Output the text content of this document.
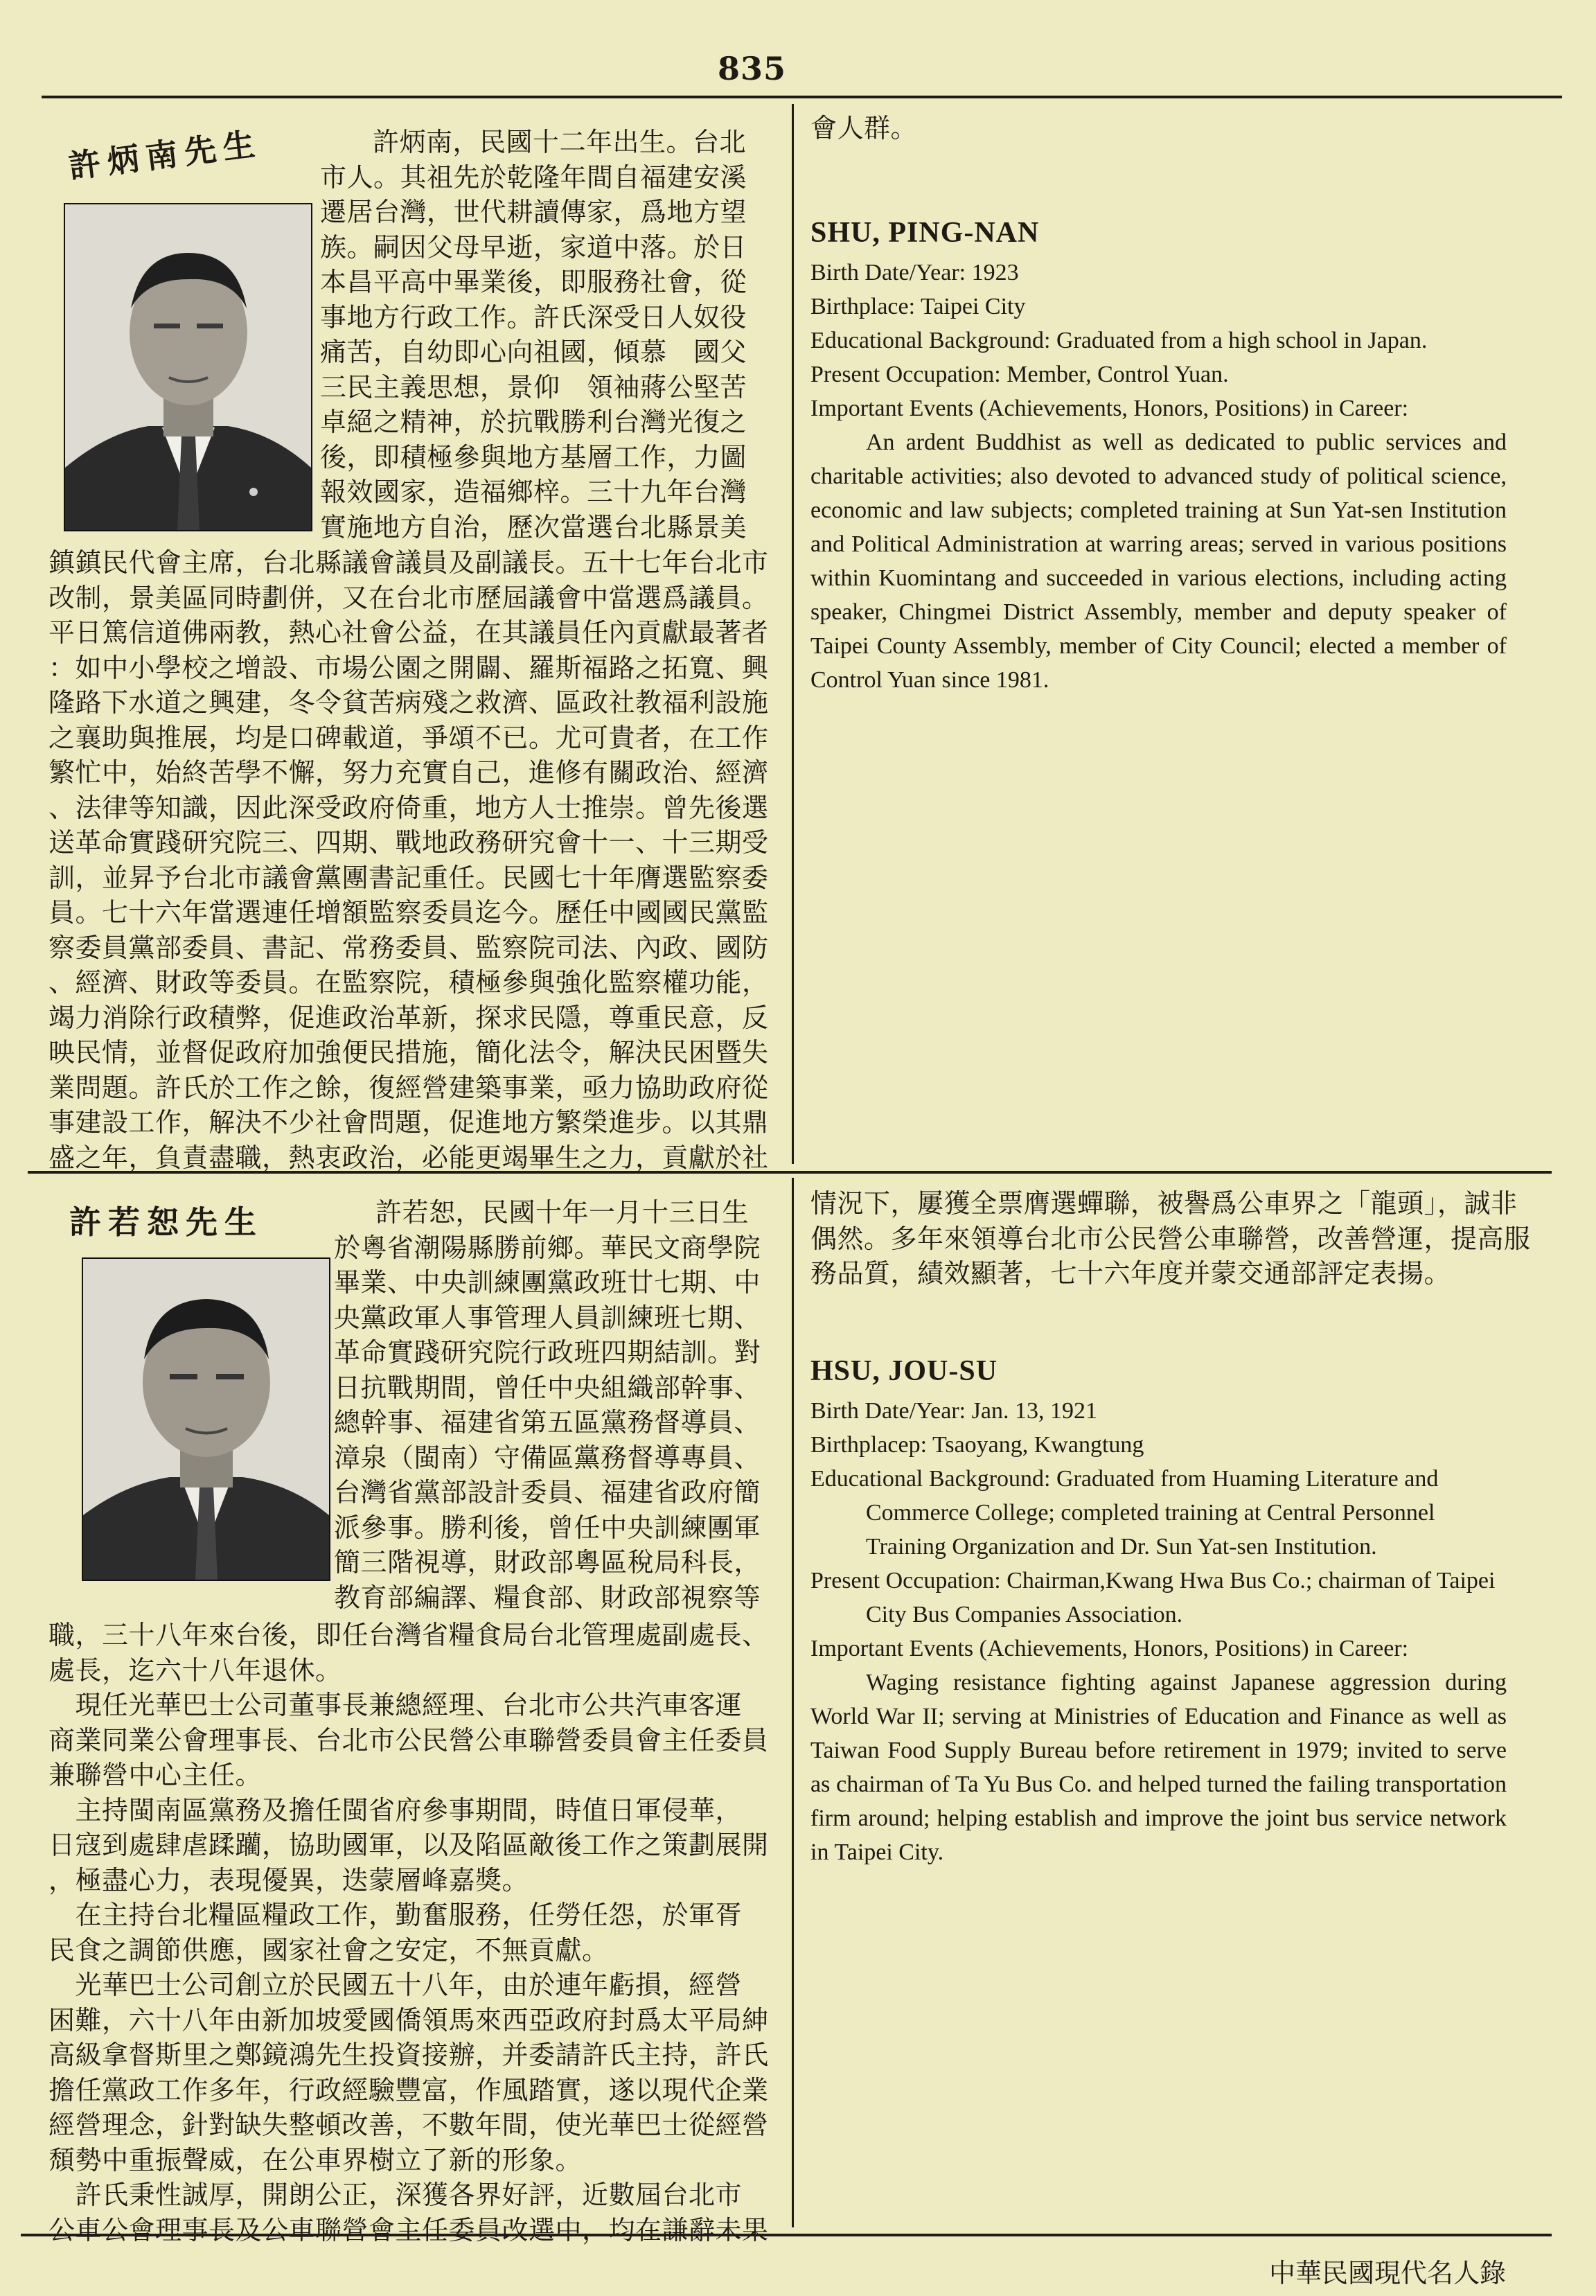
835
許炳南先生	許炳南，民國十二年出生。台北

市人。其祖先於乾隆年間自福建安溪

遷居台灣，世代耕讀傳家，爲地方望

族。嗣因父母早逝，家道中落。於日

本昌平高中畢業後，即服務社會，從

事地方行政工作。許氏深受日人奴役

痛苦，自幼即心向祖國，傾慕　國父

三民主義思想，景仰　領袖蔣公堅苦

卓絕之精神，於抗戰勝利台灣光復之

後，即積極參與地方基層工作，力圖

報效國家，造福鄉梓。三十九年台灣

實施地方自治，歷次當選台北縣景美

鎮鎮民代會主席，台北縣議會議員及副議長。五十七年台北市

改制，景美區同時劃併，又在台北市歷屆議會中當選爲議員。

平日篤信道佛兩教，熱心社會公益，在其議員任內貢獻最著者

：如中小學校之增設、市場公園之開闢、羅斯福路之拓寬、興

隆路下水道之興建，冬令貧苦病殘之救濟、區政社教福利設施

之襄助與推展，均是口碑載道，爭頌不已。尤可貴者，在工作

繁忙中，始終苦學不懈，努力充實自己，進修有關政治、經濟

、法律等知識，因此深受政府倚重，地方人士推崇。曾先後選

送革命實踐研究院三、四期、戰地政務研究會十一、十三期受

訓，並昇予台北市議會黨團書記重任。民國七十年膺選監察委

員。七十六年當選連任增額監察委員迄今。歷任中國國民黨監

察委員黨部委員、書記、常務委員、監察院司法、內政、國防

、經濟、財政等委員。在監察院，積極參與強化監察權功能，

竭力消除行政積弊，促進政治革新，探求民隱，尊重民意，反

映民情，並督促政府加強便民措施，簡化法令，解決民困暨失

業問題。許氏於工作之餘，復經營建築事業，亟力協助政府從

事建設工作，解決不少社會問題，促進地方繁榮進步。以其鼎

盛之年，負責盡職，熱衷政治，必能更竭畢生之力，貢獻於社

會人群。

SHU, PING-NAN

Birth Date/Year: 1923

Birthplace: Taipei City

Educational Background: Graduated from a high school in Japan.

Present Occupation: Member, Control Yuan.

Important Events (Achievements, Honors, Positions) in Career:

An ardent Buddhist as well as dedicated to public services and charitable activities; also devoted to advanced study of political science, economic and law subjects; completed training at Sun Yat-sen Institution and Political Administration at warring areas; served in various positions within Kuomintang and succeeded in various elections, including acting speaker, Chingmei District Assembly, member and deputy speaker of Taipei County Assembly, member of City Council; elected a member of Control Yuan since 1981.

許若恕先生	許若恕，民國十年一月十三日生

於粵省潮陽縣勝前鄉。華民文商學院

畢業、中央訓練團黨政班廿七期、中

央黨政軍人事管理人員訓練班七期、

革命實踐研究院行政班四期結訓。對

日抗戰期間，曾任中央組織部幹事、

總幹事、福建省第五區黨務督導員、

漳泉（閩南）守備區黨務督導專員、

台灣省黨部設計委員、福建省政府簡

派參事。勝利後，曾任中央訓練團軍

簡三階視導，財政部粵區稅局科長，

教育部編譯、糧食部、財政部視察等

職，三十八年來台後，即任台灣省糧食局台北管理處副處長、

處長，迄六十八年退休。

　現任光華巴士公司董事長兼總經理、台北市公共汽車客運

商業同業公會理事長、台北市公民營公車聯營委員會主任委員

兼聯營中心主任。

　主持閩南區黨務及擔任閩省府參事期間，時值日軍侵華，

日寇到處肆虐蹂躪，協助國軍，以及陷區敵後工作之策劃展開

，極盡心力，表現優異，迭蒙層峰嘉獎。

　在主持台北糧區糧政工作，勤奮服務，任勞任怨，於軍胥

民食之調節供應，國家社會之安定，不無貢獻。

　光華巴士公司創立於民國五十八年，由於連年虧損，經營

困難，六十八年由新加坡愛國僑領馬來西亞政府封爲太平局紳

高級拿督斯里之鄭鏡鴻先生投資接辦，并委請許氏主持，許氏

擔任黨政工作多年，行政經驗豐富，作風踏實，遂以現代企業

經營理念，針對缺失整頓改善，不數年間，使光華巴士從經營

頹勢中重振聲威，在公車界樹立了新的形象。

　許氏秉性誠厚，開朗公正，深獲各界好評，近數屆台北市

公車公會理事長及公車聯營會主任委員改選中，均在謙辭未果

情況下，屢獲全票膺選蟬聯，被譽爲公車界之「龍頭」，誠非

偶然。多年來領導台北市公民營公車聯營，改善營運，提高服

務品質，績效顯著，七十六年度并蒙交通部評定表揚。

HSU, JOU-SU

Birth Date/Year: Jan. 13, 1921

Birthplacep: Tsaoyang, Kwangtung

Educational Background: Graduated from Huaming Literature and Commerce College; completed training at Central Personnel Training Organization and Dr. Sun Yat-sen Institution.

Present Occupation: Chairman,Kwang Hwa Bus Co.; chairman of Taipei City Bus Companies Association.

Important Events (Achievements, Honors, Positions) in Career:

Waging resistance fighting against Japanese aggression during World War II; serving at Ministries of Education and Finance as well as Taiwan Food Supply Bureau before retirement in 1979; invited to serve as chairman of Ta Yu Bus Co. and helped turned the failing transportation firm around; helping establish and improve the joint bus service network in Taipei City.

中華民國現代名人錄
